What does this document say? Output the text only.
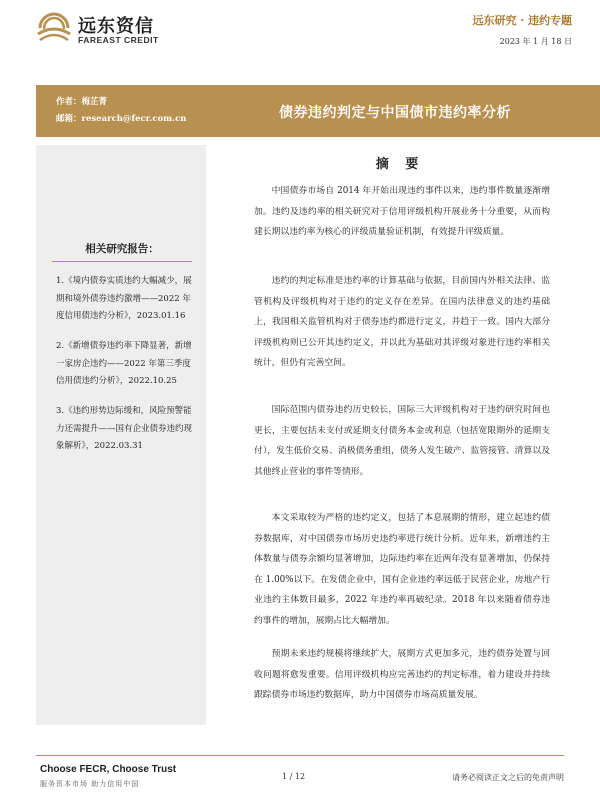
远东资信
FAREAST CREDIT
远东研究 · 违约专题
2023 年 1 月 18 日
作者：梅芷菁
邮箱：research@fecr.com.cn	债券违约判定与中国债市违约率分析
相关研究报告：
1.《境内债券实质违约大幅减少，展期和境外债券违约激增——2022 年度信用债违约分析》，2023.01.16
2.《新增债券违约率下降显著，新增一家房企违约——2022 年第三季度信用债违约分析》，2022.10.25
3.《违约形势边际缓和，风险预警能力还需提升——国有企业债券违约现象解析》，2022.03.31
摘 要

中国债券市场自 2014 年开始出现违约事件以来，违约事件数量逐渐增加。违约及违约率的相关研究对于信用评级机构开展业务十分重要，从而构建长期以违约率为核心的评级质量验证机制，有效提升评级质量。

违约的判定标准是违约率的计算基础与依据，目前国内外相关法律、监管机构及评级机构对于违约的定义存在差异。在国内法律意义的违约基础上，我国相关监管机构对于债券违约都进行定义，并趋于一致。国内大部分评级机构则已公开其违约定义，并以此为基础对其评级对象进行违约率相关统计，但仍有完善空间。

国际范围内债券违约历史较长，国际三大评级机构对于违约研究时间也更长，主要包括未支付或延期支付债务本金或利息（包括宽限期外的延期支付），发生低价交易、消极债务重组，债务人发生破产、监管接管、清算以及其他终止营业的事件等情形。

本文采取较为严格的违约定义，包括了本息展期的情形，建立起违约债券数据库，对中国债券市场历史违约率进行统计分析。近年来，新增违约主体数量与债券余额均显著增加，边际违约率在近两年没有显著增加，仍保持在 1.00%以下。在发债企业中，国有企业违约率远低于民营企业，房地产行业违约主体数目最多，2022 年违约率再破纪录。2018 年以来随着债券违约事件的增加，展期占比大幅增加。

预期未来违约规模将继续扩大，展期方式更加多元，违约债券处置与回收问题将愈发重要。信用评级机构应完善违约的判定标准，着力建设并持续跟踪债券市场违约数据库，助力中国债券市场高质量发展。

Choose FECR, Choose Trust
服务资本市场 助力信用中国
1 / 12	请务必阅读正文之后的免责声明
